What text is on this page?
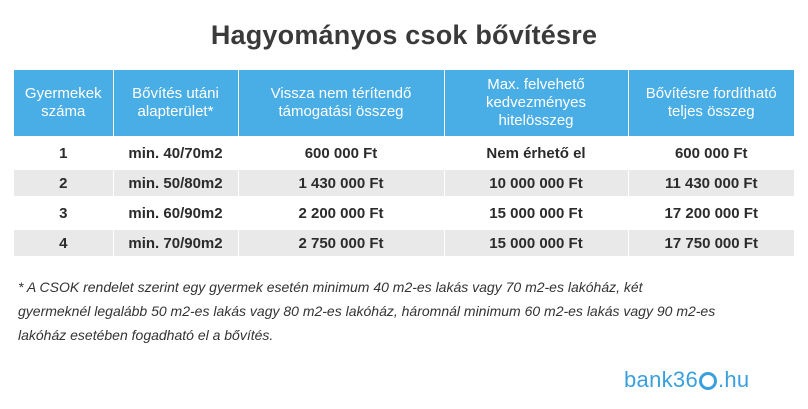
Hagyományos csok bővítésre
Gyermekek száma	Bővítés utáni alapterület*	Vissza nem térítendő támogatási összeg	Max. felvehető kedvezményes hitelösszeg	Bővítésre fordítható teljes összeg
1	min. 40/70m2	600 000 Ft	Nem érhető el	600 000 Ft
2	min. 50/80m2	1 430 000 Ft	10 000 000 Ft	11 430 000 Ft
3	min. 60/90m2	2 200 000 Ft	15 000 000 Ft	17 200 000 Ft
4	min. 70/90m2	2 750 000 Ft	15 000 000 Ft	17 750 000 Ft
* A CSOK rendelet szerint egy gyermek esetén minimum 40 m2-es lakás vagy 70 m2-es lakóház, két gyermeknél legalább 50 m2-es lakás vagy 80 m2-es lakóház, háromnál minimum 60 m2-es lakás vagy 90 m2-es lakóház esetében fogadható el a bővítés.
bank36 .hu
